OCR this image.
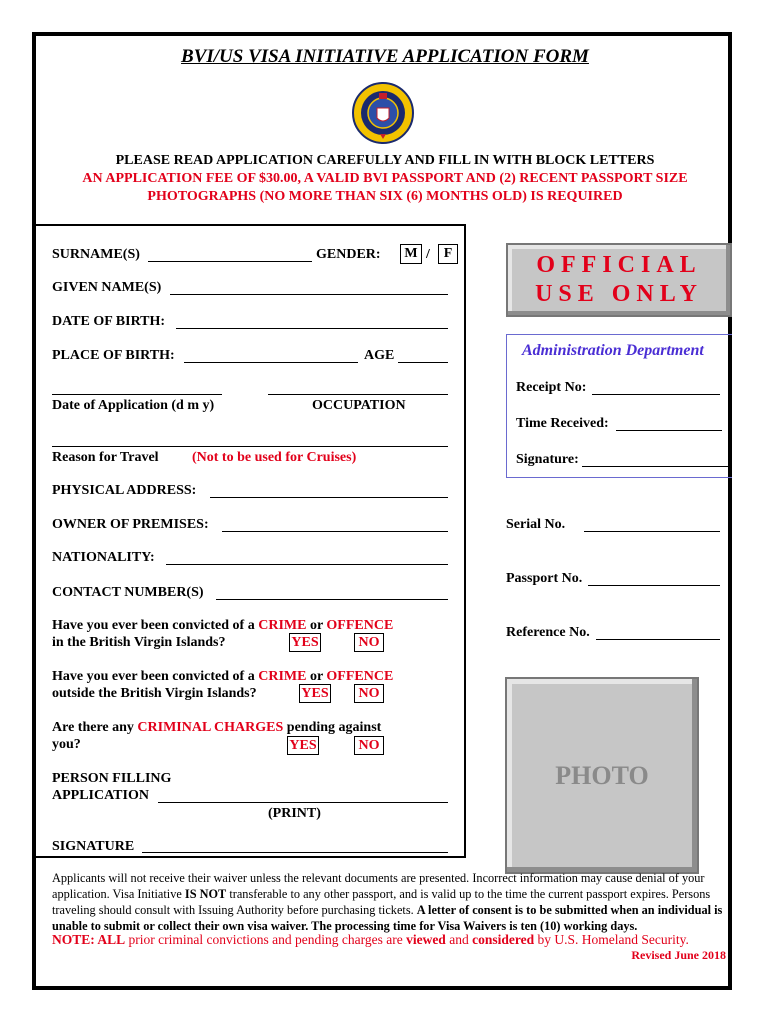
BVI/US VISA INITIATIVE APPLICATION FORM
PLEASE READ APPLICATION CAREFULLY AND FILL IN WITH BLOCK LETTERS
AN APPLICATION FEE OF $30.00, A VALID BVI PASSPORT AND (2) RECENT PASSPORT SIZE
PHOTOGRAPHS (NO MORE THAN SIX (6) MONTHS OLD) IS REQUIRED
SURNAME(S)	GENDER:	M / F
GIVEN NAME(S)
DATE OF BIRTH:
PLACE OF BIRTH:	AGE
Date of Application (d m y)	OCCUPATION
Reason for Travel (Not to be used for Cruises)
PHYSICAL ADDRESS:
OWNER OF PREMISES:
NATIONALITY:
CONTACT NUMBER(S)
Have you ever been convicted of a CRIME or OFFENCE
in the British Virgin Islands?	YES	NO
Have you ever been convicted of a CRIME or OFFENCE
outside the British Virgin Islands?	YES	NO
Are there any CRIMINAL CHARGES pending against
you?	YES	NO
PERSON FILLING
APPLICATION
(PRINT)
SIGNATURE
OFFICIAL
USE ONLY
Administration Department
Receipt No:
Time Received:
Signature:
Serial No.
Passport No.
Reference No.
PHOTO
Applicants will not receive their waiver unless the relevant documents are presented. Incorrect information may cause denial of your application. Visa Initiative IS NOT transferable to any other passport, and is valid up to the time the current passport expires. Persons traveling should consult with Issuing Authority before purchasing tickets. A letter of consent is to be submitted when an individual is unable to submit or collect their own visa waiver. The processing time for Visa Waivers is ten (10) working days.
NOTE: ALL prior criminal convictions and pending charges are viewed and considered by U.S. Homeland Security.
Revised June 2018
